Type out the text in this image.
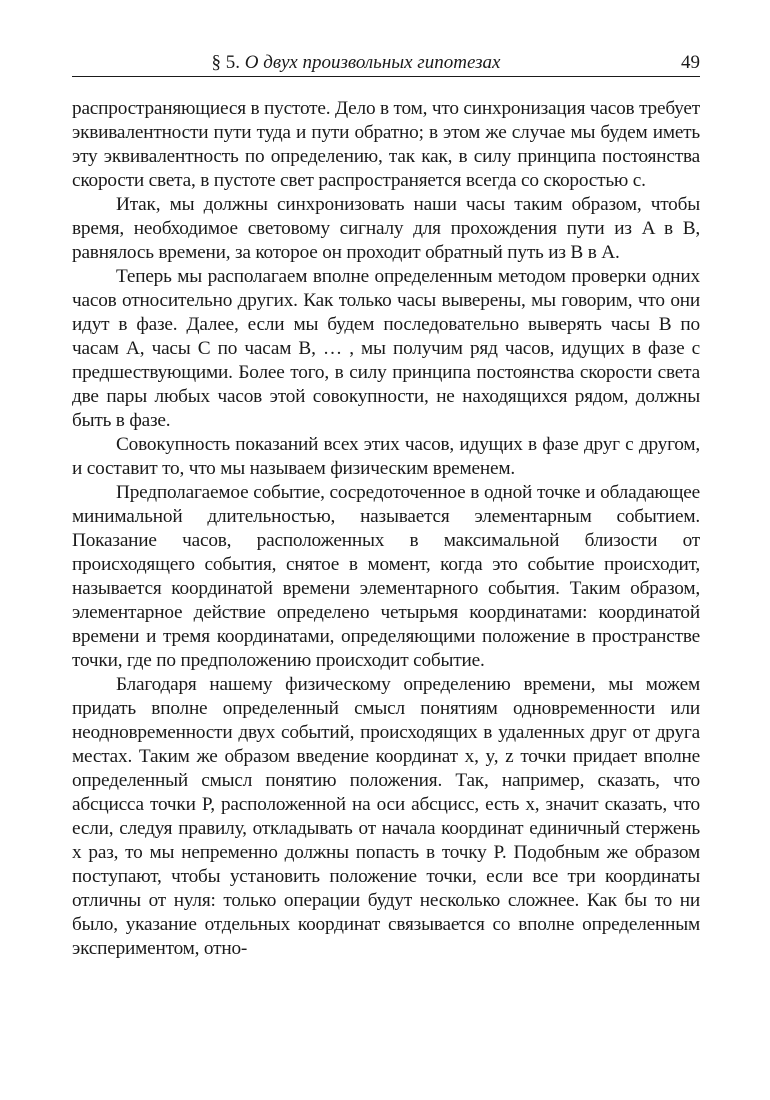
§ 5. О двух произвольных гипотезах	49

распространяющиеся в пустоте. Дело в том, что синхронизация часов требует эквивалентности пути туда и пути обратно; в этом же случае мы будем иметь эту эквивалентность по определению, так как, в силу принципа постоянства скорости света, в пустоте свет распространяется всегда со скоростью c.

Итак, мы должны синхронизовать наши часы таким образом, чтобы время, необходимое световому сигналу для прохождения пути из A в B, равнялось времени, за которое он проходит обратный путь из B в A.

Теперь мы располагаем вполне определенным методом проверки одних часов относительно других. Как только часы выверены, мы говорим, что они идут в фазе. Далее, если мы будем последовательно выверять часы B по часам A, часы C по часам B, … , мы получим ряд часов, идущих в фазе с предшествующими. Более того, в силу принципа постоянства скорости света две пары любых часов этой совокупности, не находящихся рядом, должны быть в фазе.

Совокупность показаний всех этих часов, идущих в фазе друг с другом, и составит то, что мы называем физическим временем.

Предполагаемое событие, сосредоточенное в одной точке и обладающее минимальной длительностью, называется элементарным событием. Показание часов, расположенных в максимальной близости от происходящего события, снятое в момент, когда это событие происходит, называется координатой времени элементарного события. Таким образом, элементарное действие определено четырьмя координатами: координатой времени и тремя координатами, определяющими положение в пространстве точки, где по предположению происходит событие.

Благодаря нашему физическому определению времени, мы можем придать вполне определенный смысл понятиям одновременности или неодновременности двух событий, происходящих в удаленных друг от друга местах. Таким же образом введение координат x, y, z точки придает вполне определенный смысл понятию положения. Так, например, сказать, что абсцисса точки P, расположенной на оси абсцисс, есть x, значит сказать, что если, следуя правилу, откладывать от начала координат единичный стержень x раз, то мы непременно должны попасть в точку P. Подобным же образом поступают, чтобы установить положение точки, если все три координаты отличны от нуля: только операции будут несколько сложнее. Как бы то ни было, указание отдельных координат связывается со вполне определенным экспериментом, отно-
